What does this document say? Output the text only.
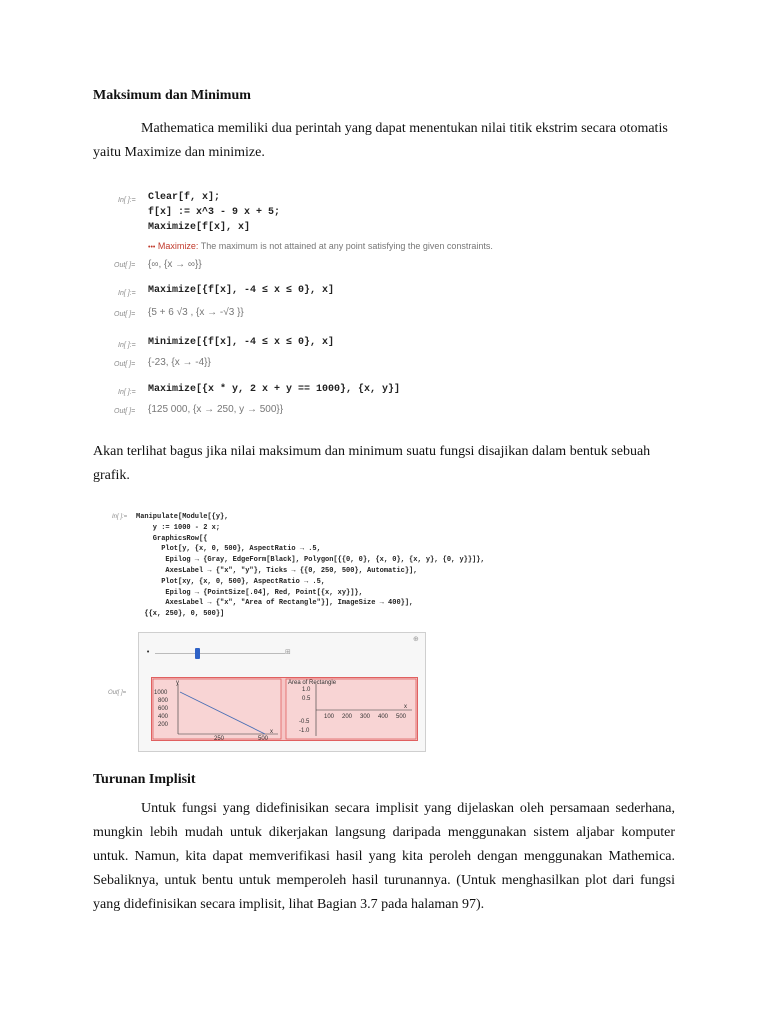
Maksimum dan Minimum

Mathematica memiliki dua perintah yang dapat menentukan nilai titik ekstrim secara otomatis
yaitu Maximize dan minimize.

In[ ]:= Clear[f, x];
f[x] := x^3 - 9 x + 5;
Maximize[f[x], x]
••• Maximize: The maximum is not attained at any point satisfying the given constraints.
Out[ ]= {∞, {x → ∞}}
In[ ]:= Maximize[{f[x], -4 ≤ x ≤ 0}, x]
Out[ ]= {5 + 6 √3 , {x → -√3 }}
In[ ]:= Minimize[{f[x], -4 ≤ x ≤ 0}, x]
Out[ ]= {-23, {x → -4}}
In[ ]:= Maximize[{x * y, 2 x + y == 1000}, {x, y}]
Out[ ]= {125 000, {x → 250, y → 500}}

Akan terlihat bagus jika nilai maksimum dan minimum suatu fungsi disajikan dalam bentuk sebuah
grafik.

In[ ]:= Manipulate[Module[{y},
y := 1000 - 2 x;
GraphicsRow[{
Plot[y, {x, 0, 500}, AspectRatio → .5,
Epilog → {Gray, EdgeForm[Black], Polygon[{{0, 0}, {x, 0}, {x, y}, {0, y}}]},
AxesLabel → {"x", "y"}, Ticks → {{0, 250, 500}, Automatic}],
Plot[xy, {x, 0, 500}, AspectRatio → .5,
Epilog → {PointSize[.04], Red, Point[{x, xy}]},
AxesLabel → {"x", "Area of Rectangle"}], ImageSize → 400}],
{{x, 250}, 0, 500}]
⊕
•	⊞
y
x
1000
800
600
400
200
250	500
Area of Rectangle
x
1.0
0.5
-0.5
-1.0
100 200 300 400 500
Out[ ]=
Turunan Implisit

Untuk fungsi yang didefinisikan secara implisit yang dijelaskan oleh persamaan sederhana, mungkin lebih mudah untuk dikerjakan langsung daripada menggunakan sistem aljabar komputer untuk. Namun, kita dapat memverifikasi hasil yang kita peroleh dengan menggunakan Mathemica. Sebaliknya, untuk bentu untuk memperoleh hasil turunannya. (Untuk menghasilkan plot dari fungsi yang didefinisikan secara implisit, lihat Bagian 3.7 pada halaman 97).
